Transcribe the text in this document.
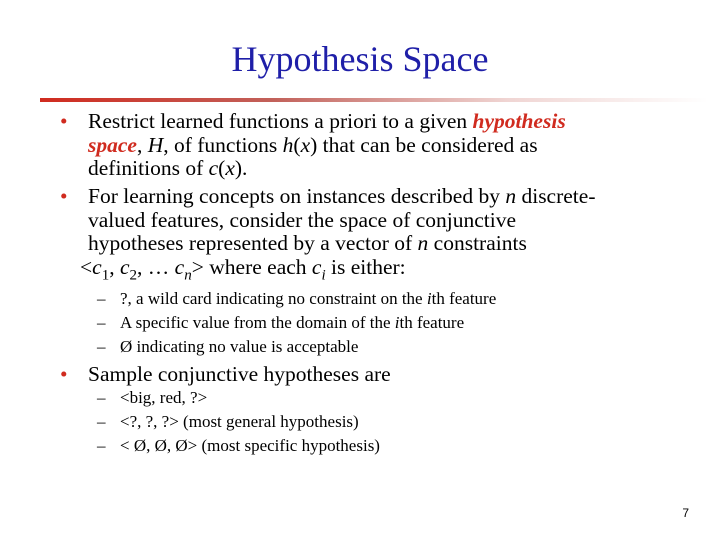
Hypothesis Space
• Restrict learned functions a priori to a given hypothesis
space, H, of functions h(x) that can be considered as
definitions of c(x).
• For learning concepts on instances described by n discrete-
valued features, consider the space of conjunctive
hypotheses represented by a vector of n constraints
$<c_1$, $c_2$, … $c_n>$ where each $c_i$ is either:
– ?, a wild card indicating no constraint on the ith feature
– A specific value from the domain of the ith feature
– Ø indicating no value is acceptable
• Sample conjunctive hypotheses are
– <big, red, ?>
– <?, ?, ?> (most general hypothesis)
– < Ø, Ø, Ø> (most specific hypothesis)
7
